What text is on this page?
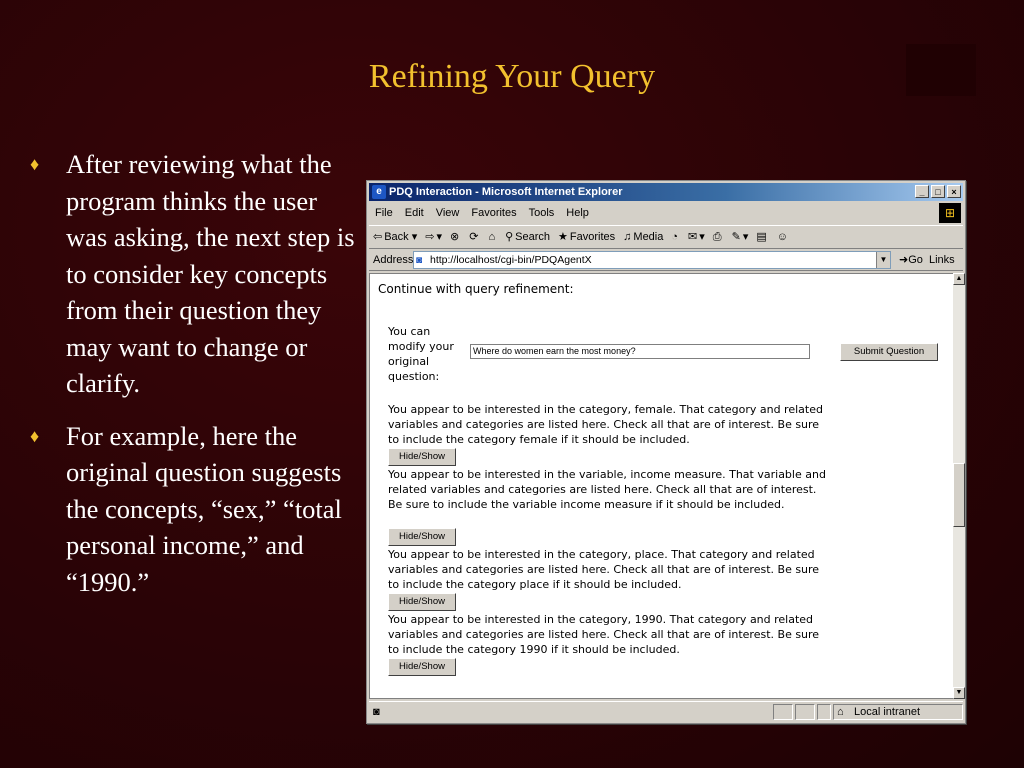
Refining Your Query
♦ After reviewing what the program thinks the user was asking, the next step is to consider key concepts from their question they may want to change or clarify.
♦ For example, here the original question suggests the concepts, “sex,” “total personal income,” and “1990.”
e PDQ Interaction - Microsoft Internet Explorer	_	□	×
File Edit View Favorites Tools Help	⊞
⇦ Back ▾ ⇨ ▾ ⊗ ⟳ ⌂ ⚲ Search ★ Favorites ♫ Media ◔ ✉ ▾ ⎙ ✎ ▾ ▤ ☺
Address ◙ http://localhost/cgi-bin/PDQAgentX	▼ ➜Go Links
Continue with query refinement:
You can modify your original question:
Where do women earn the most money?	Submit Question
You appear to be interested in the category, female. That category and related variables and categories are listed here. Check all that are of interest. Be sure to include the category female if it should be included.
Hide/Show
You appear to be interested in the variable, income measure. That variable and related variables and categories are listed here. Check all that are of interest. Be sure to include the variable income measure if it should be included.
Hide/Show
You appear to be interested in the category, place. That category and related variables and categories are listed here. Check all that are of interest. Be sure to include the category place if it should be included.
Hide/Show
You appear to be interested in the category, 1990. That category and related variables and categories are listed here. Check all that are of interest. Be sure to include the category 1990 if it should be included.
Hide/Show
▲
▼
◙	⌂ Local intranet
